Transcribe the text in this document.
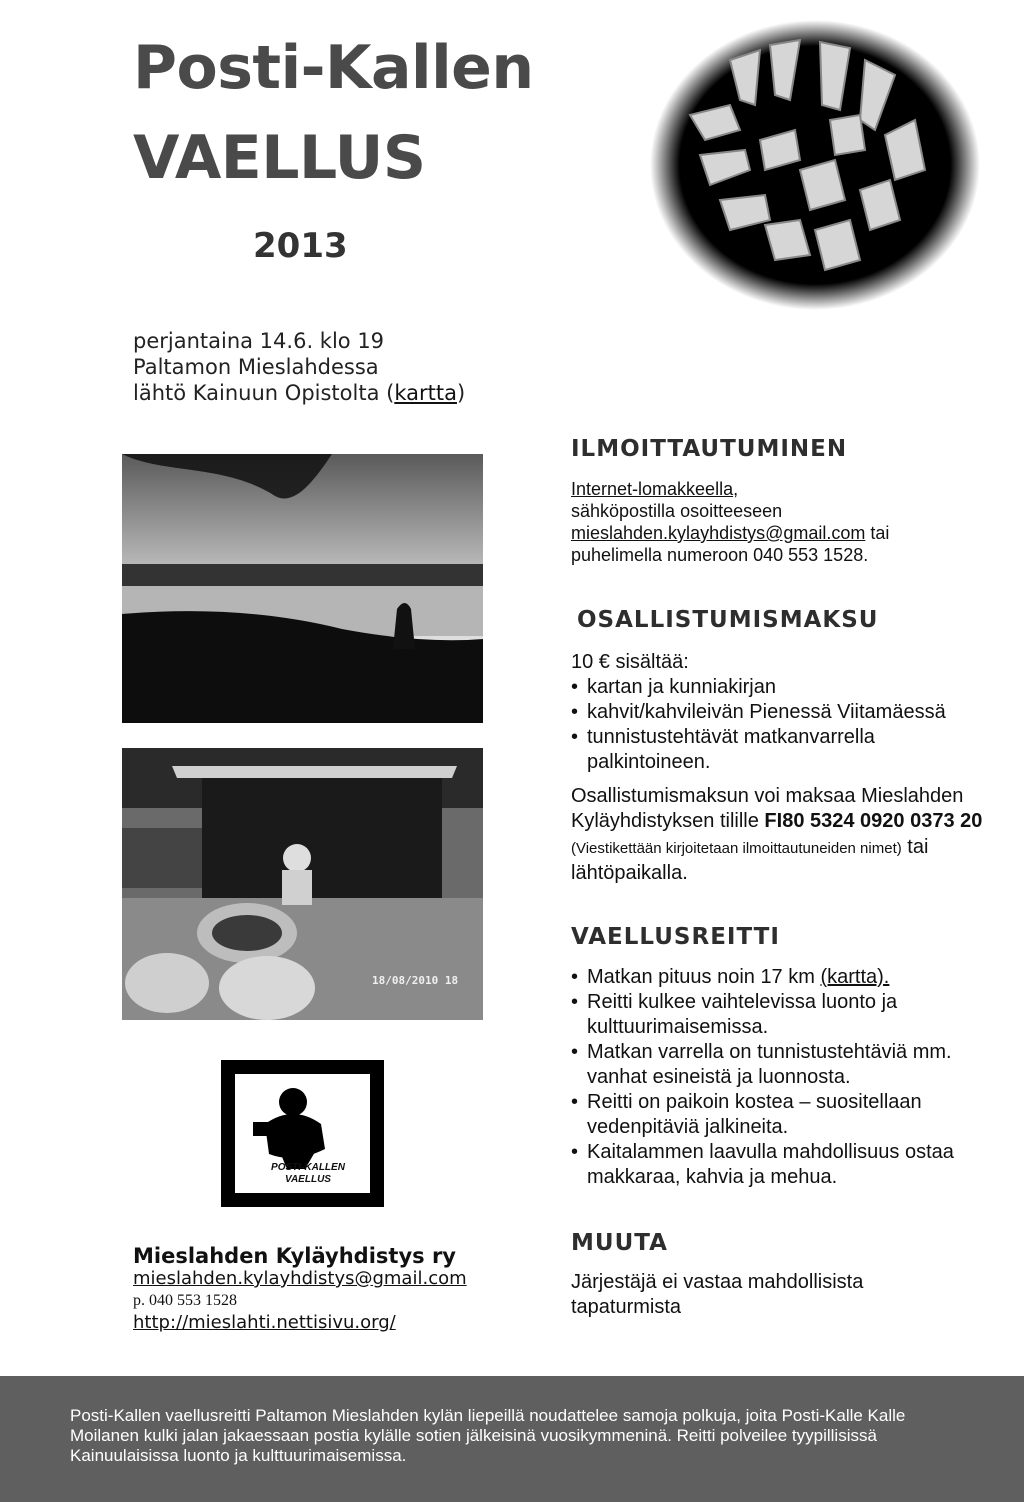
Posti-Kallen
VAELLUS
2013
perjantaina 14.6. klo 19
Paltamon Mieslahdessa
lähtö Kainuun Opistolta (kartta)
18/08/2010 18
POSTI-KALLEN
VAELLUS
Mieslahden Kyläyhdistys ry
mieslahden.kylayhdistys@gmail.com
p. 040 553 1528
http://mieslahti.nettisivu.org/
ILMOITTAUTUMINEN
Internet-lomakkeella,
sähköpostilla osoitteeseen
mieslahden.kylayhdistys@gmail.com tai
puhelimella numeroon 040 553 1528.
OSALLISTUMISMAKSU
10 € sisältää:
• kartan ja kunniakirjan
• kahvit/kahvileivän Pienessä Viitamäessä
• tunnistustehtävät matkanvarrella palkintoineen.
Osallistumismaksun voi maksaa Mieslahden Kyläyhdistyksen tilille FI80 5324 0920 0373 20 (Viestikettään kirjoitetaan ilmoittautuneiden nimet) tai lähtöpaikalla.
VAELLUSREITTI
• Matkan pituus noin 17 km (kartta).
• Reitti kulkee vaihtelevissa luonto ja kulttuurimaisemissa.
• Matkan varrella on tunnistustehtäviä mm. vanhat esineistä ja luonnosta.
• Reitti on paikoin kostea – suositellaan vedenpitäviä jalkineita.
• Kaitalammen laavulla mahdollisuus ostaa makkaraa, kahvia ja mehua.
MUUTA
Järjestäjä ei vastaa mahdollisista tapaturmista

Posti-Kallen vaellusreitti Paltamon Mieslahden kylän liepeillä noudattelee samoja polkuja, joita Posti-Kalle Kalle Moilanen kulki jalan jakaessaan postia kylälle sotien jälkeisinä vuosikymmeninä. Reitti polveilee tyypillisissä Kainuulaisissa luonto ja kulttuurimaisemissa.
